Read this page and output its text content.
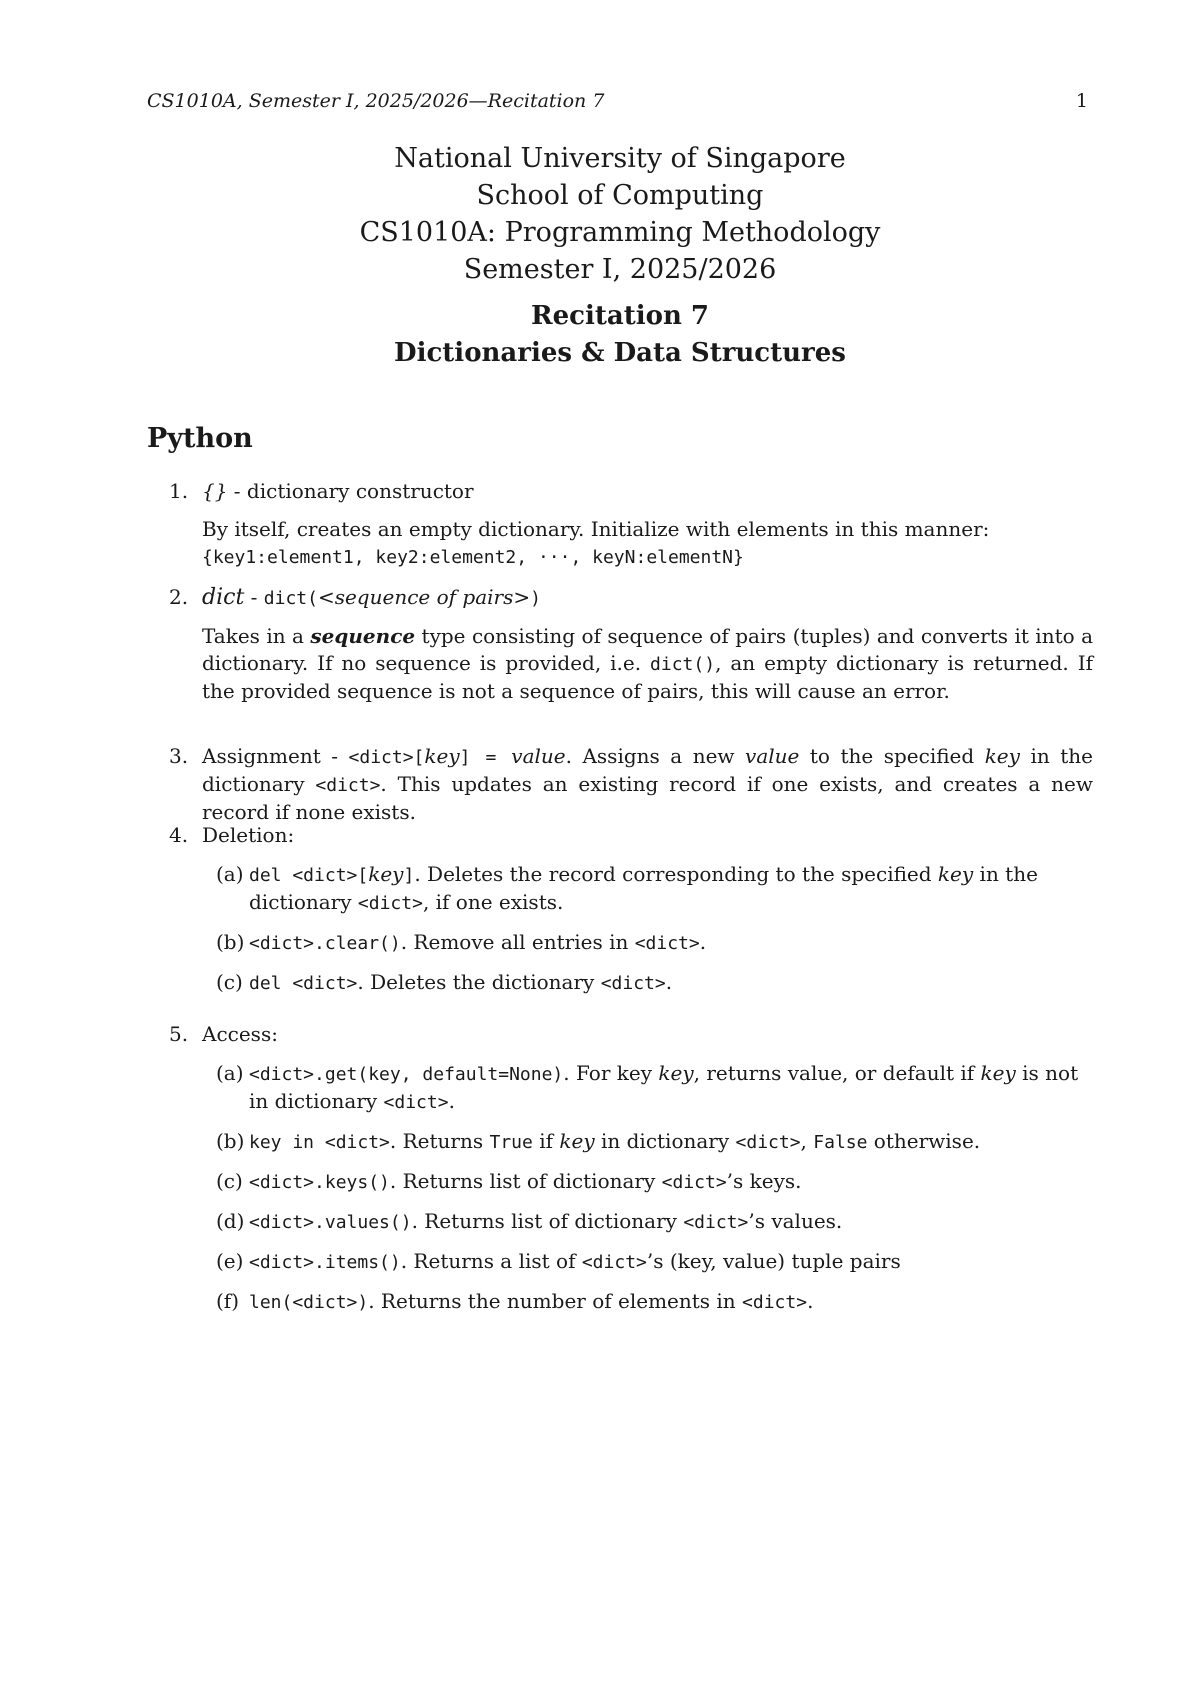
CS1010A, Semester I, 2025/2026—Recitation 7	1
National University of Singapore
School of Computing
CS1010A: Programming Methodology
Semester I, 2025/2026
Recitation 7
Dictionaries & Data Structures
Python
1. {} - dictionary constructor
By itself, creates an empty dictionary. Initialize with elements in this manner:
{key1:element1, key2:element2, ···, keyN:elementN}
2. dict - dict(<sequence of pairs>)
Takes in a sequence type consisting of sequence of pairs (tuples) and converts it into a dictionary. If no sequence is provided, i.e. dict(), an empty dictionary is returned. If the provided sequence is not a sequence of pairs, this will cause an error.
3. Assignment - <dict>[key] = value. Assigns a new value to the specified key in the dictionary <dict>. This updates an existing record if one exists, and creates a new record if none exists.
4. Deletion:
(a) del <dict>[key]. Deletes the record corresponding to the specified key in the dictionary <dict>, if one exists.
(b) <dict>.clear(). Remove all entries in <dict>.
(c) del <dict>. Deletes the dictionary <dict>.
5. Access:
(a) <dict>.get(key, default=None). For key key, returns value, or default if key is not in dictionary <dict>.
(b) key in <dict>. Returns True if key in dictionary <dict>, False otherwise.
(c) <dict>.keys(). Returns list of dictionary <dict>’s keys.
(d) <dict>.values(). Returns list of dictionary <dict>’s values.
(e) <dict>.items(). Returns a list of <dict>’s (key, value) tuple pairs
(f) len(<dict>). Returns the number of elements in <dict>.
